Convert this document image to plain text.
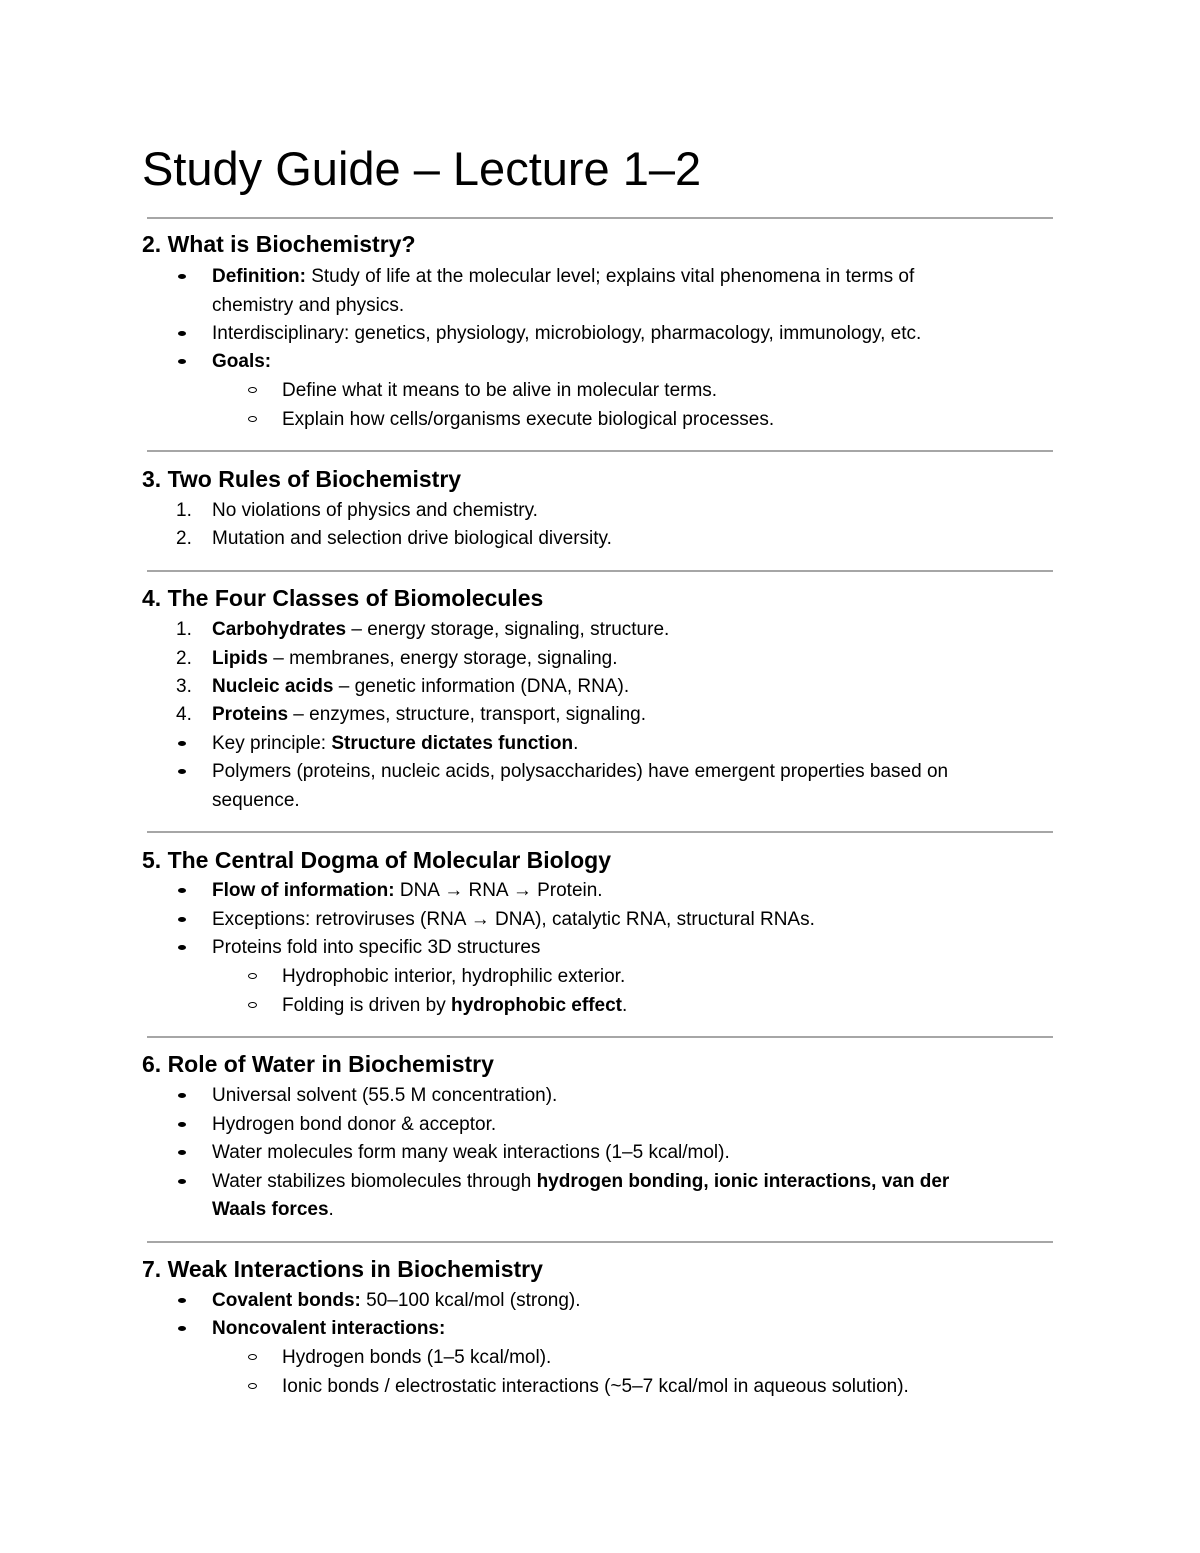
Study Guide – Lecture 1–2
2. What is Biochemistry?
Definition: Study of life at the molecular level; explains vital phenomena in terms of
chemistry and physics.
Interdisciplinary: genetics, physiology, microbiology, pharmacology, immunology, etc.
Goals:
Define what it means to be alive in molecular terms.
Explain how cells/organisms execute biological processes.
3. Two Rules of Biochemistry
1.	No violations of physics and chemistry.
2.	Mutation and selection drive biological diversity.
4. The Four Classes of Biomolecules
1.	Carbohydrates – energy storage, signaling, structure.
2.	Lipids – membranes, energy storage, signaling.
3.	Nucleic acids – genetic information (DNA, RNA).
4.	Proteins – enzymes, structure, transport, signaling.
Key principle: Structure dictates function.
Polymers (proteins, nucleic acids, polysaccharides) have emergent properties based on
sequence.
5. The Central Dogma of Molecular Biology
Flow of information: DNA → RNA → Protein.
Exceptions: retroviruses (RNA → DNA), catalytic RNA, structural RNAs.
Proteins fold into specific 3D structures
Hydrophobic interior, hydrophilic exterior.
Folding is driven by hydrophobic effect.
6. Role of Water in Biochemistry
Universal solvent (55.5 M concentration).
Hydrogen bond donor & acceptor.
Water molecules form many weak interactions (1–5 kcal/mol).
Water stabilizes biomolecules through hydrogen bonding, ionic interactions, van der
Waals forces.
7. Weak Interactions in Biochemistry
Covalent bonds: 50–100 kcal/mol (strong).
Noncovalent interactions:
Hydrogen bonds (1–5 kcal/mol).
Ionic bonds / electrostatic interactions (~5–7 kcal/mol in aqueous solution).
